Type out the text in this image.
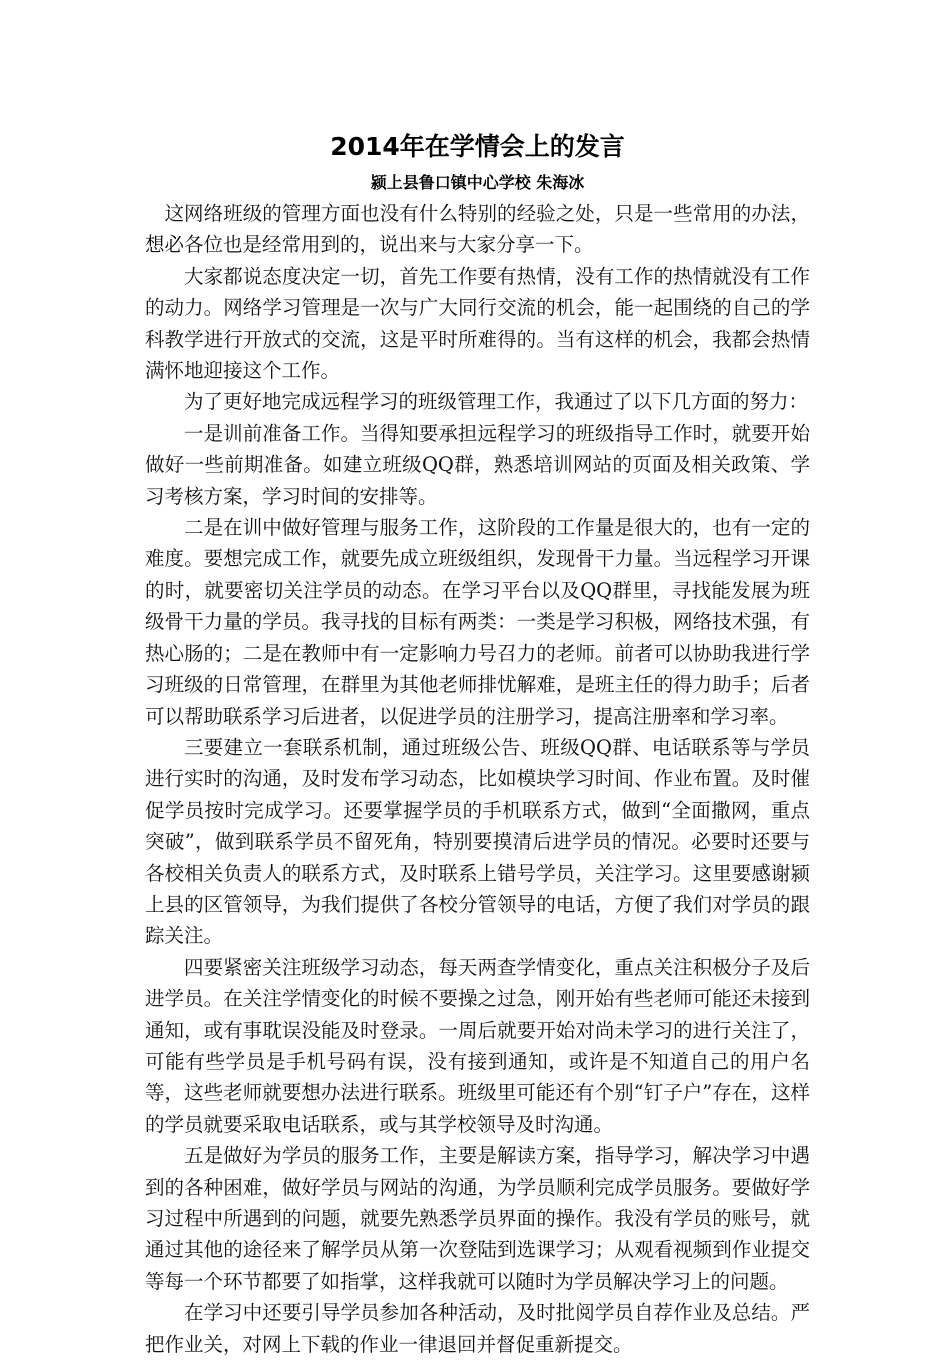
2014年在学情会上的发言
颍上县鲁口镇中心学校 朱海冰

这网络班级的管理方面也没有什么特别的经验之处，只是一些常用的办法，想必各位也是经常用到的，说出来与大家分享一下。

大家都说态度决定一切，首先工作要有热情，没有工作的热情就没有工作的动力。网络学习管理是一次与广大同行交流的机会，能一起围绕的自己的学科教学进行开放式的交流，这是平时所难得的。当有这样的机会，我都会热情满怀地迎接这个工作。

为了更好地完成远程学习的班级管理工作，我通过了以下几方面的努力：

一是训前准备工作。当得知要承担远程学习的班级指导工作时，就要开始做好一些前期准备。如建立班级QQ群，熟悉培训网站的页面及相关政策、学习考核方案，学习时间的安排等。

二是在训中做好管理与服务工作，这阶段的工作量是很大的，也有一定的难度。要想完成工作，就要先成立班级组织，发现骨干力量。当远程学习开课的时，就要密切关注学员的动态。在学习平台以及QQ群里，寻找能发展为班级骨干力量的学员。我寻找的目标有两类：一类是学习积极，网络技术强，有热心肠的；二是在教师中有一定影响力号召力的老师。前者可以协助我进行学习班级的日常管理，在群里为其他老师排忧解难，是班主任的得力助手；后者可以帮助联系学习后进者，以促进学员的注册学习，提高注册率和学习率。

三要建立一套联系机制，通过班级公告、班级QQ群、电话联系等与学员进行实时的沟通，及时发布学习动态，比如模块学习时间、作业布置。及时催促学员按时完成学习。还要掌握学员的手机联系方式，做到“全面撒网，重点突破”，做到联系学员不留死角，特别要摸清后进学员的情况。必要时还要与各校相关负责人的联系方式，及时联系上错号学员，关注学习。这里要感谢颍上县的区管领导，为我们提供了各校分管领导的电话，方便了我们对学员的跟踪关注。

四要紧密关注班级学习动态，每天两查学情变化，重点关注积极分子及后进学员。在关注学情变化的时候不要操之过急，刚开始有些老师可能还未接到通知，或有事耽误没能及时登录。一周后就要开始对尚未学习的进行关注了，可能有些学员是手机号码有误，没有接到通知，或许是不知道自己的用户名等，这些老师就要想办法进行联系。班级里可能还有个别“钉子户”存在，这样的学员就要采取电话联系，或与其学校领导及时沟通。

五是做好为学员的服务工作，主要是解读方案，指导学习，解决学习中遇到的各种困难，做好学员与网站的沟通，为学员顺利完成学员服务。要做好学习过程中所遇到的问题，就要先熟悉学员界面的操作。我没有学员的账号，就通过其他的途径来了解学员从第一次登陆到选课学习；从观看视频到作业提交等每一个环节都要了如指掌，这样我就可以随时为学员解决学习上的问题。

在学习中还要引导学员参加各种活动，及时批阅学员自荐作业及总结。严把作业关，对网上下载的作业一律退回并督促重新提交。
